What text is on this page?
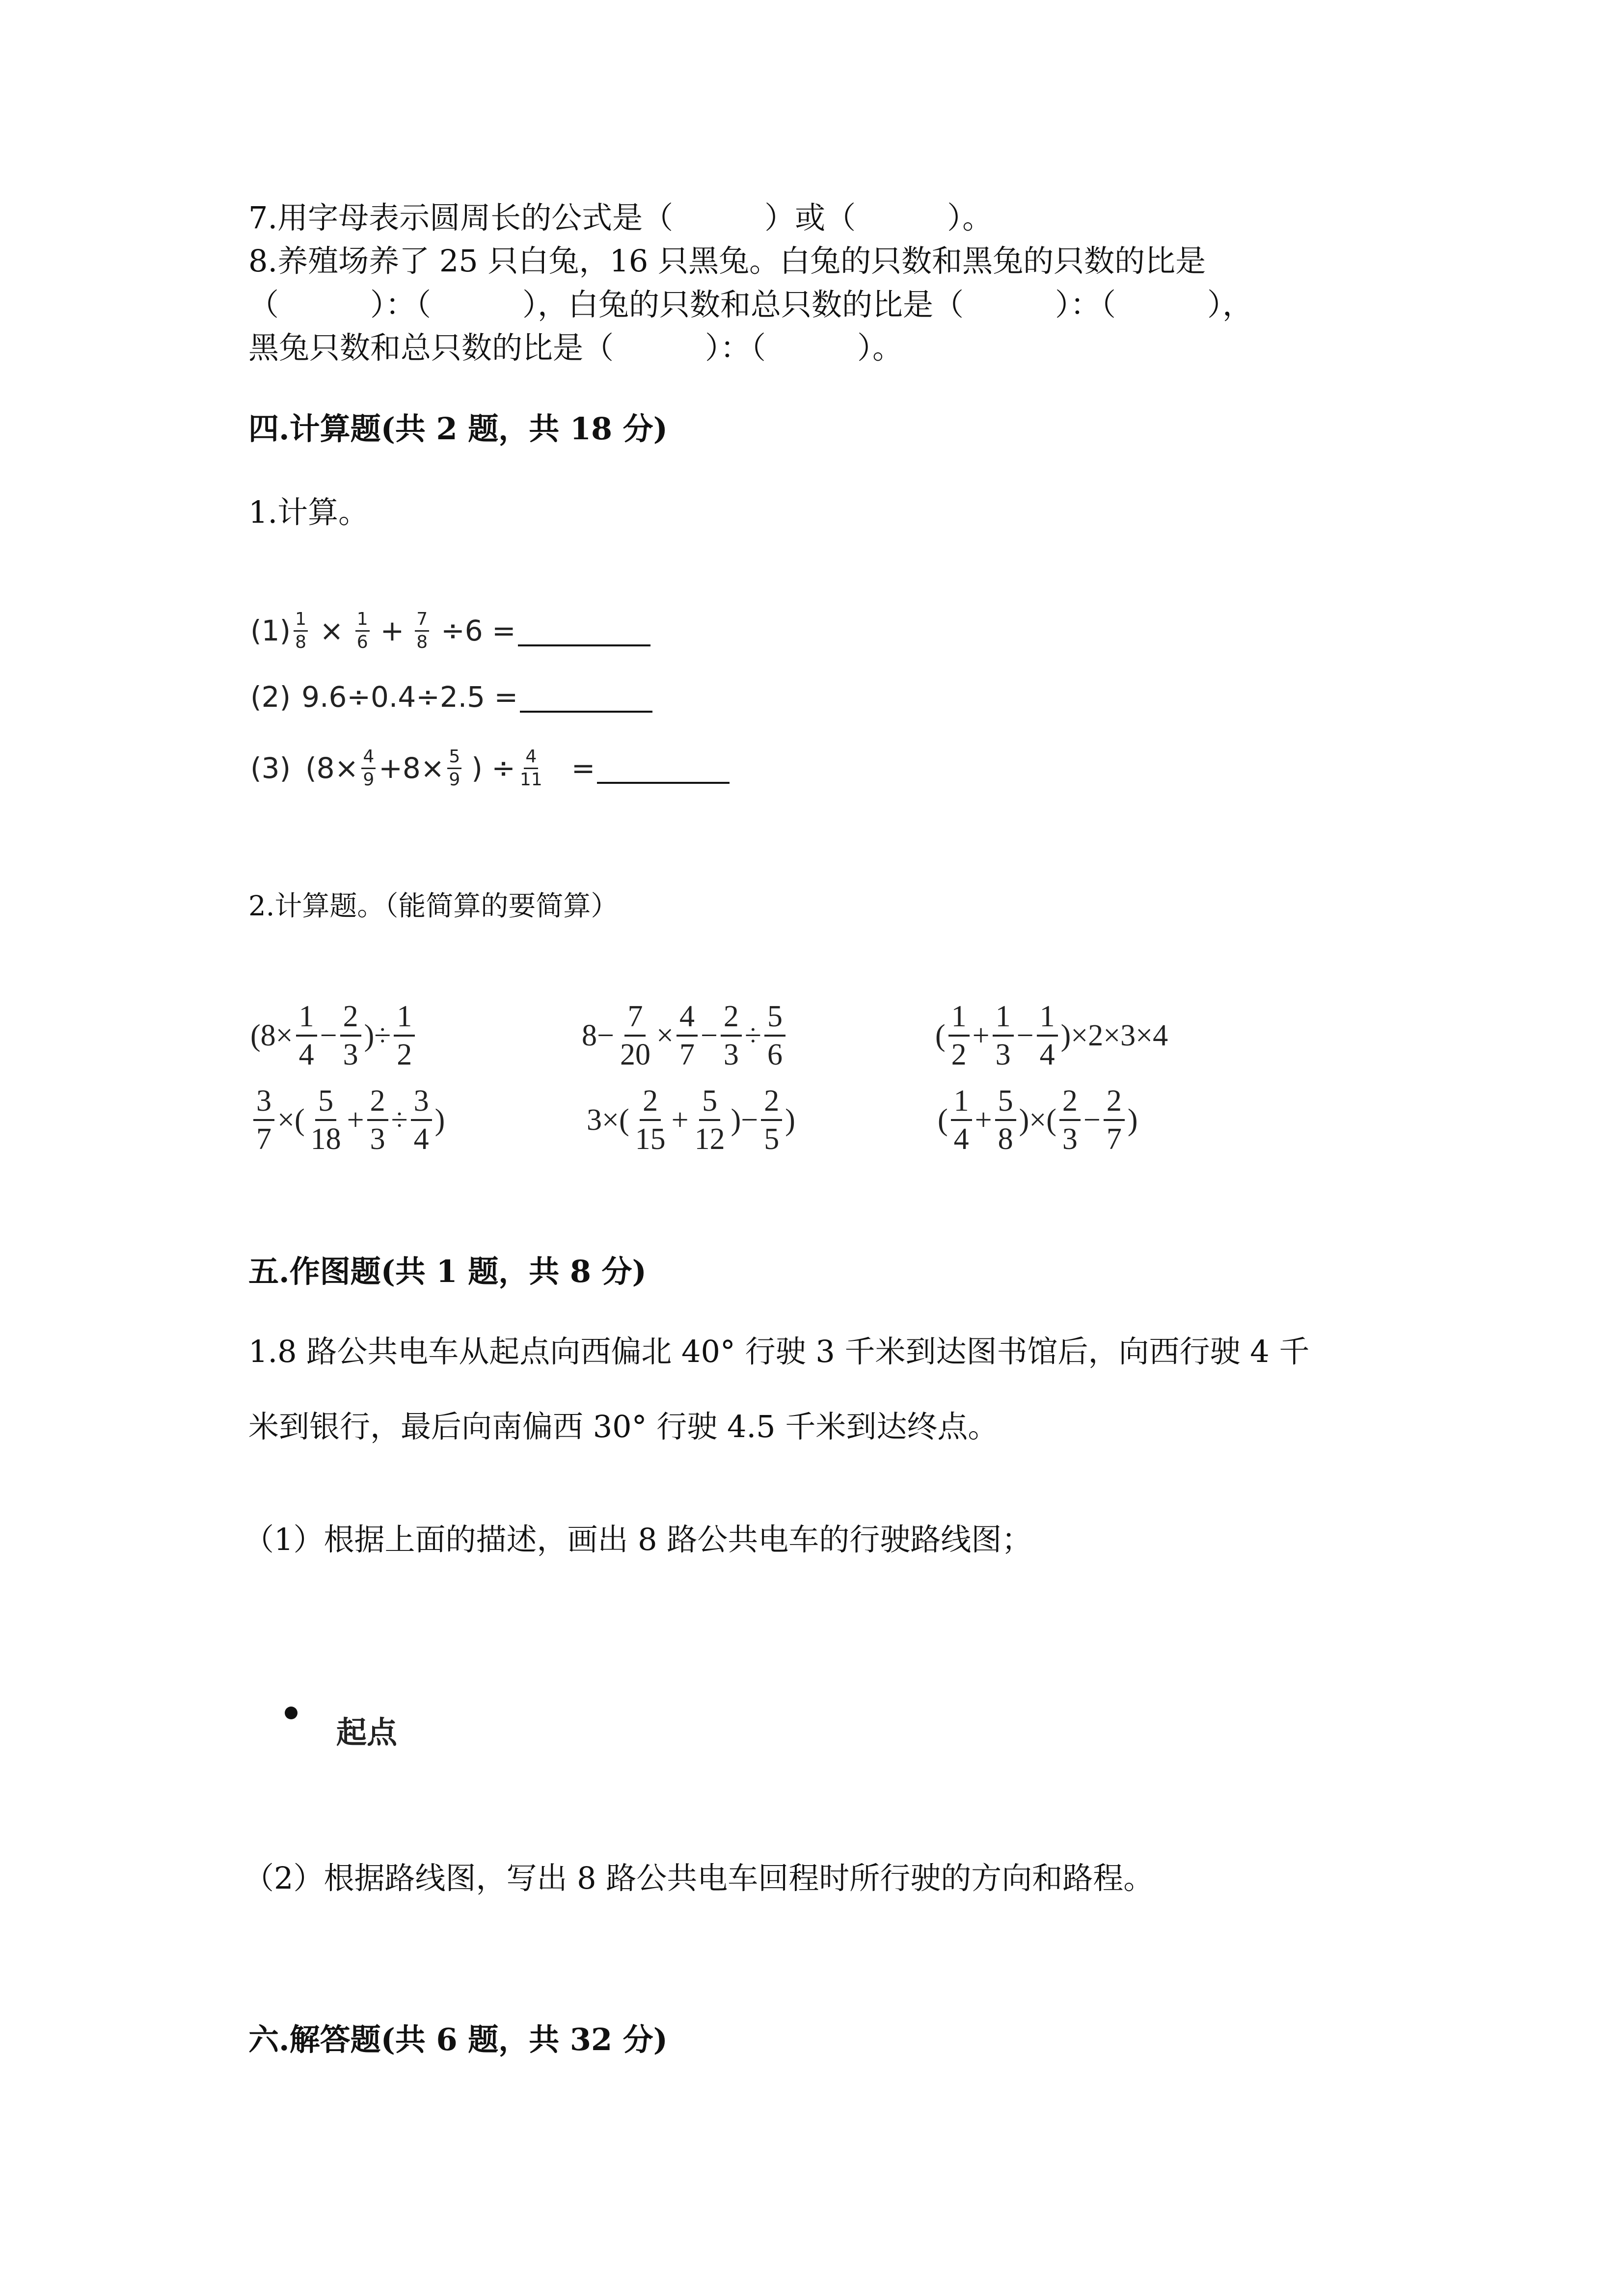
7.用字母表示圆周长的公式是（　　　）或（　　　）。
8.养殖场养了 25 只白兔，16 只黑兔。白兔的只数和黑兔的只数的比是
（　　　）：（　　　），白兔的只数和总只数的比是（　　　）：（　　　），
黑兔只数和总只数的比是（　　　）：（　　　）。
四.计算题(共 2 题，共 18 分)
1.计算。
$(1) \frac{1}{8} \times \frac{1}{6} + \frac{7}{8} \div 6$ =
(2) 9.6÷0.4÷2.5 =
(3) ($8\times \frac{4}{9} +8\times \frac{5}{9}$ ) ÷ $\frac{4}{11}$ =
2.计算题。（能简算的要简算）
($8\times \frac{1}{4} - \frac{2}{3}$ )÷ $\frac{1}{2}$	$8- \frac{7}{20} \times \frac{4}{7} - \frac{2}{3} \div \frac{5}{6}$	( $\frac{1}{2} + \frac{1}{3} - \frac{1}{4} )\times 2\times 3\times 4$
$\frac{3}{7}$ ×( $\frac{5}{18} + \frac{2}{3} \div \frac{3}{4}$ )	$3\times( \frac{2}{15} + \frac{5}{12}$ )− $\frac{2}{5}$ )	( $\frac{1}{4} + \frac{5}{8}$ )×( $\frac{2}{3} - \frac{2}{7}$ )
五.作图题(共 1 题，共 8 分)
1.8 路公共电车从起点向西偏北 40° 行驶 3 千米到达图书馆后，向西行驶 4 千
米到银行，最后向南偏西 30° 行驶 4.5 千米到达终点。
（1）根据上面的描述，画出 8 路公共电车的行驶路线图；
起点
（2）根据路线图，写出 8 路公共电车回程时所行驶的方向和路程。
六.解答题(共 6 题，共 32 分)
